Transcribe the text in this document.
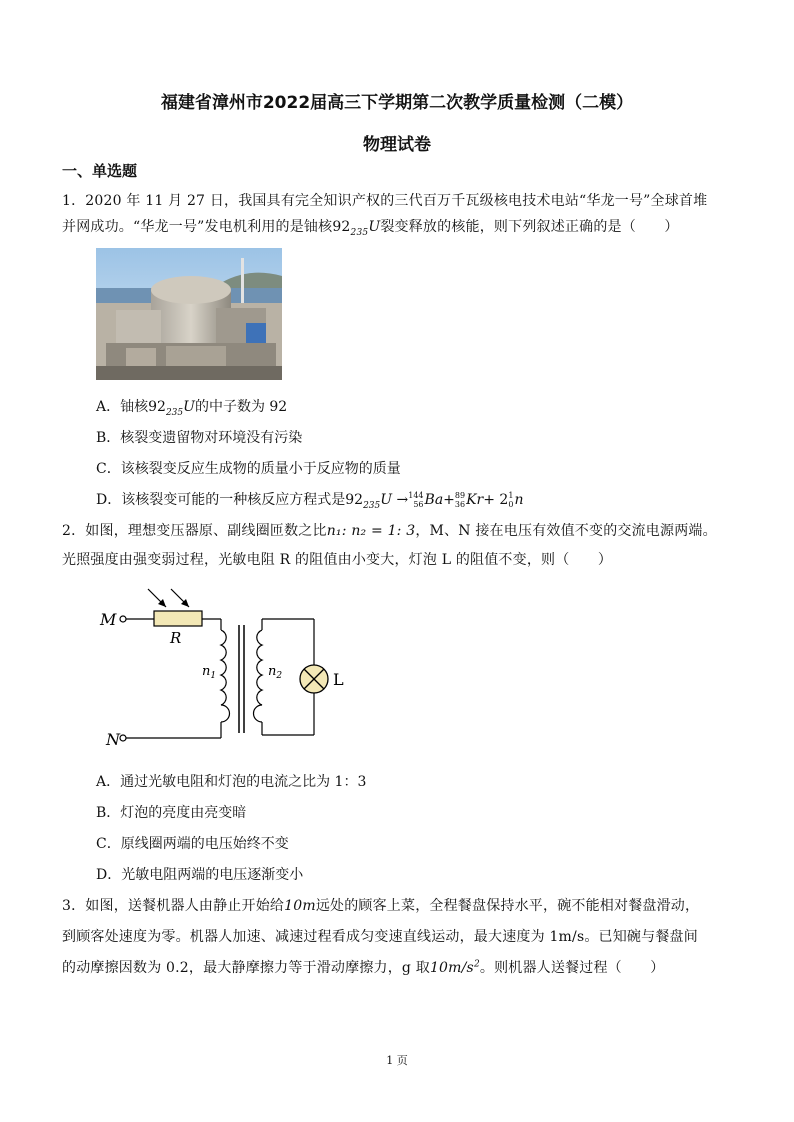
福建省漳州市2022届高三下学期第二次教学质量检测（二模）
物理试卷
一、单选题
1．2020 年 11 月 27 日，我国具有完全知识产权的三代百万千瓦级核电技术电站“华龙一号”全球首堆
并网成功。“华龙一号”发电机利用的是铀核$92_{235}U$裂变释放的核能，则下列叙述正确的是（　　）
A．铀核$92_{235}U$的中子数为 92
B．核裂变遗留物对环境没有污染
C．该核裂变反应生成物的质量小于反应物的质量
D．该核裂变可能的一种核反应方程式是$92_{235}U \to 144$
56 Ba+ 89
36 Kr+ 2 1
0 n
2．如图，理想变压器原、副线圈匝数之比n₁: n₂ = 1: 3，M、N 接在电压有效值不变的交流电源两端。
光照强度由强变弱过程，光敏电阻 R 的阻值由小变大，灯泡 L 的阻值不变，则（　　）
M
N
R
$n_1$	$n_2$	L
A．通过光敏电阻和灯泡的电流之比为 1：3
B．灯泡的亮度由亮变暗
C．原线圈两端的电压始终不变
D．光敏电阻两端的电压逐渐变小
3．如图，送餐机器人由静止开始给10m远处的顾客上菜，全程餐盘保持水平，碗不能相对餐盘滑动，
到顾客处速度为零。机器人加速、减速过程看成匀变速直线运动，最大速度为 1m/s。已知碗与餐盘间
的动摩擦因数为 0.2，最大静摩擦力等于滑动摩擦力，g 取$10m/s^2$。则机器人送餐过程（　　）
1 页
